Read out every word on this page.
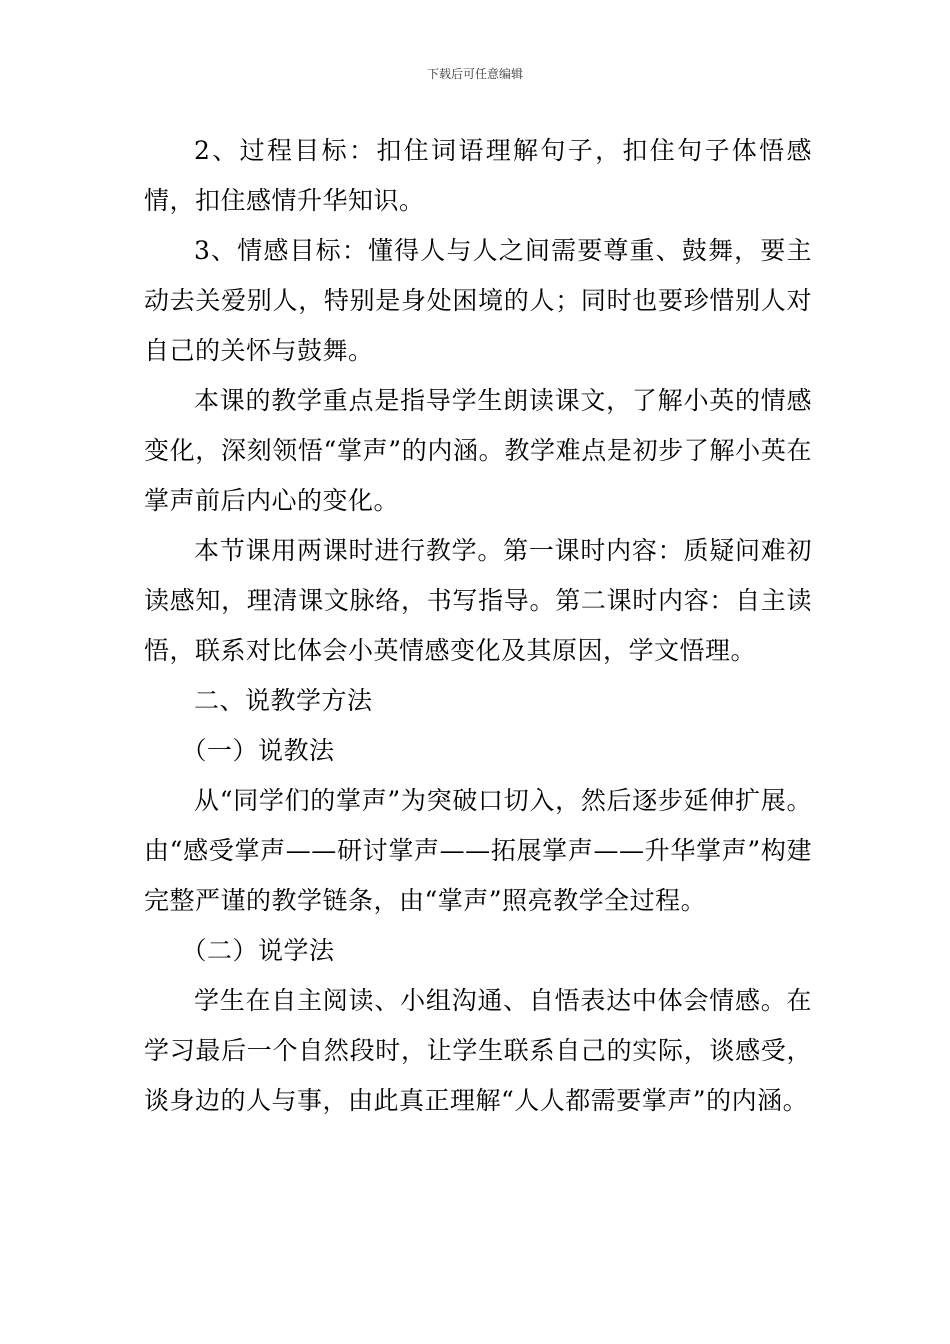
下载后可任意编辑

2、过程目标：扣住词语理解句子，扣住句子体悟感情，扣住感情升华知识。

3、情感目标：懂得人与人之间需要尊重、鼓舞，要主动去关爱别人，特别是身处困境的人；同时也要珍惜别人对自己的关怀与鼓舞。

本课的教学重点是指导学生朗读课文，了解小英的情感变化，深刻领悟“掌声”的内涵。教学难点是初步了解小英在掌声前后内心的变化。

本节课用两课时进行教学。第一课时内容：质疑问难初读感知，理清课文脉络，书写指导。第二课时内容：自主读悟，联系对比体会小英情感变化及其原因，学文悟理。

二、说教学方法

（一）说教法

从“同学们的掌声”为突破口切入，然后逐步延伸扩展。由“感受掌声——研讨掌声——拓展掌声——升华掌声”构建完整严谨的教学链条，由“掌声”照亮教学全过程。

（二）说学法

学生在自主阅读、小组沟通、自悟表达中体会情感。在学习最后一个自然段时，让学生联系自己的实际，谈感受，谈身边的人与事，由此真正理解“人人都需要掌声”的内涵。
